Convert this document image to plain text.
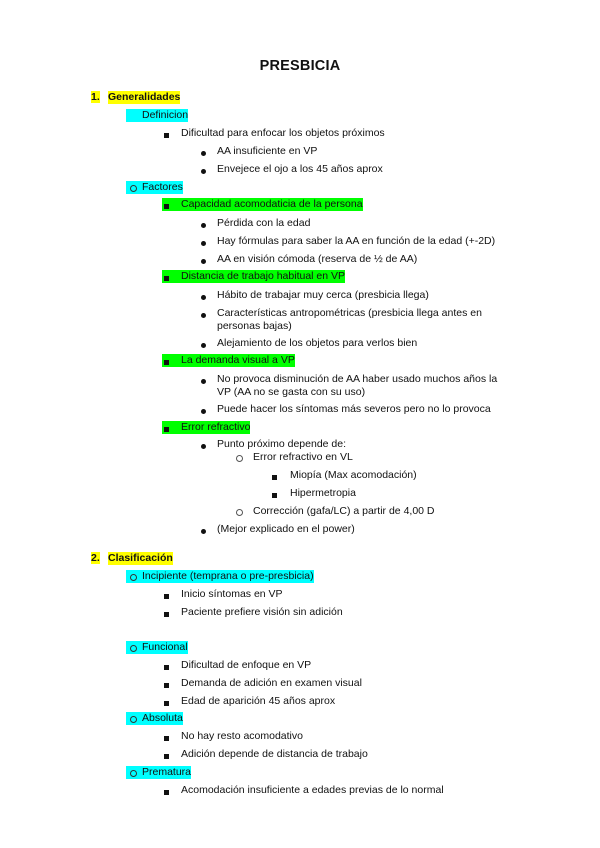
PRESBICIA
1. Generalidades
Definicion
Dificultad para enfocar los objetos próximos
AA insuficiente en VP
Envejece el ojo a los 45 años aprox
Factores
Capacidad acomodaticia de la persona
Pérdida con la edad
Hay fórmulas para saber la AA en función de la edad (+-2D)
AA en visión cómoda (reserva de ½ de AA)
Distancia de trabajo habitual en VP
Hábito de trabajar muy cerca (presbicia llega)
Características antropométricas (presbicia llega antes en
personas bajas)
Alejamiento de los objetos para verlos bien
La demanda visual a VP
No provoca disminución de AA haber usado muchos años la
VP (AA no se gasta con su uso)
Puede hacer los síntomas más severos pero no lo provoca
Error refractivo
Punto próximo depende de:
Error refractivo en VL
Miopía (Max acomodación)
Hipermetropia
Corrección (gafa/LC) a partir de 4,00 D
(Mejor explicado en el power)
2. Clasificación
Incipiente (temprana o pre-presbicia)
Inicio síntomas en VP
Paciente prefiere visión sin adición
Funcional
Dificultad de enfoque en VP
Demanda de adición en examen visual
Edad de aparición 45 años aprox
Absoluta
No hay resto acomodativo
Adición depende de distancia de trabajo
Prematura
Acomodación insuficiente a edades previas de lo normal
